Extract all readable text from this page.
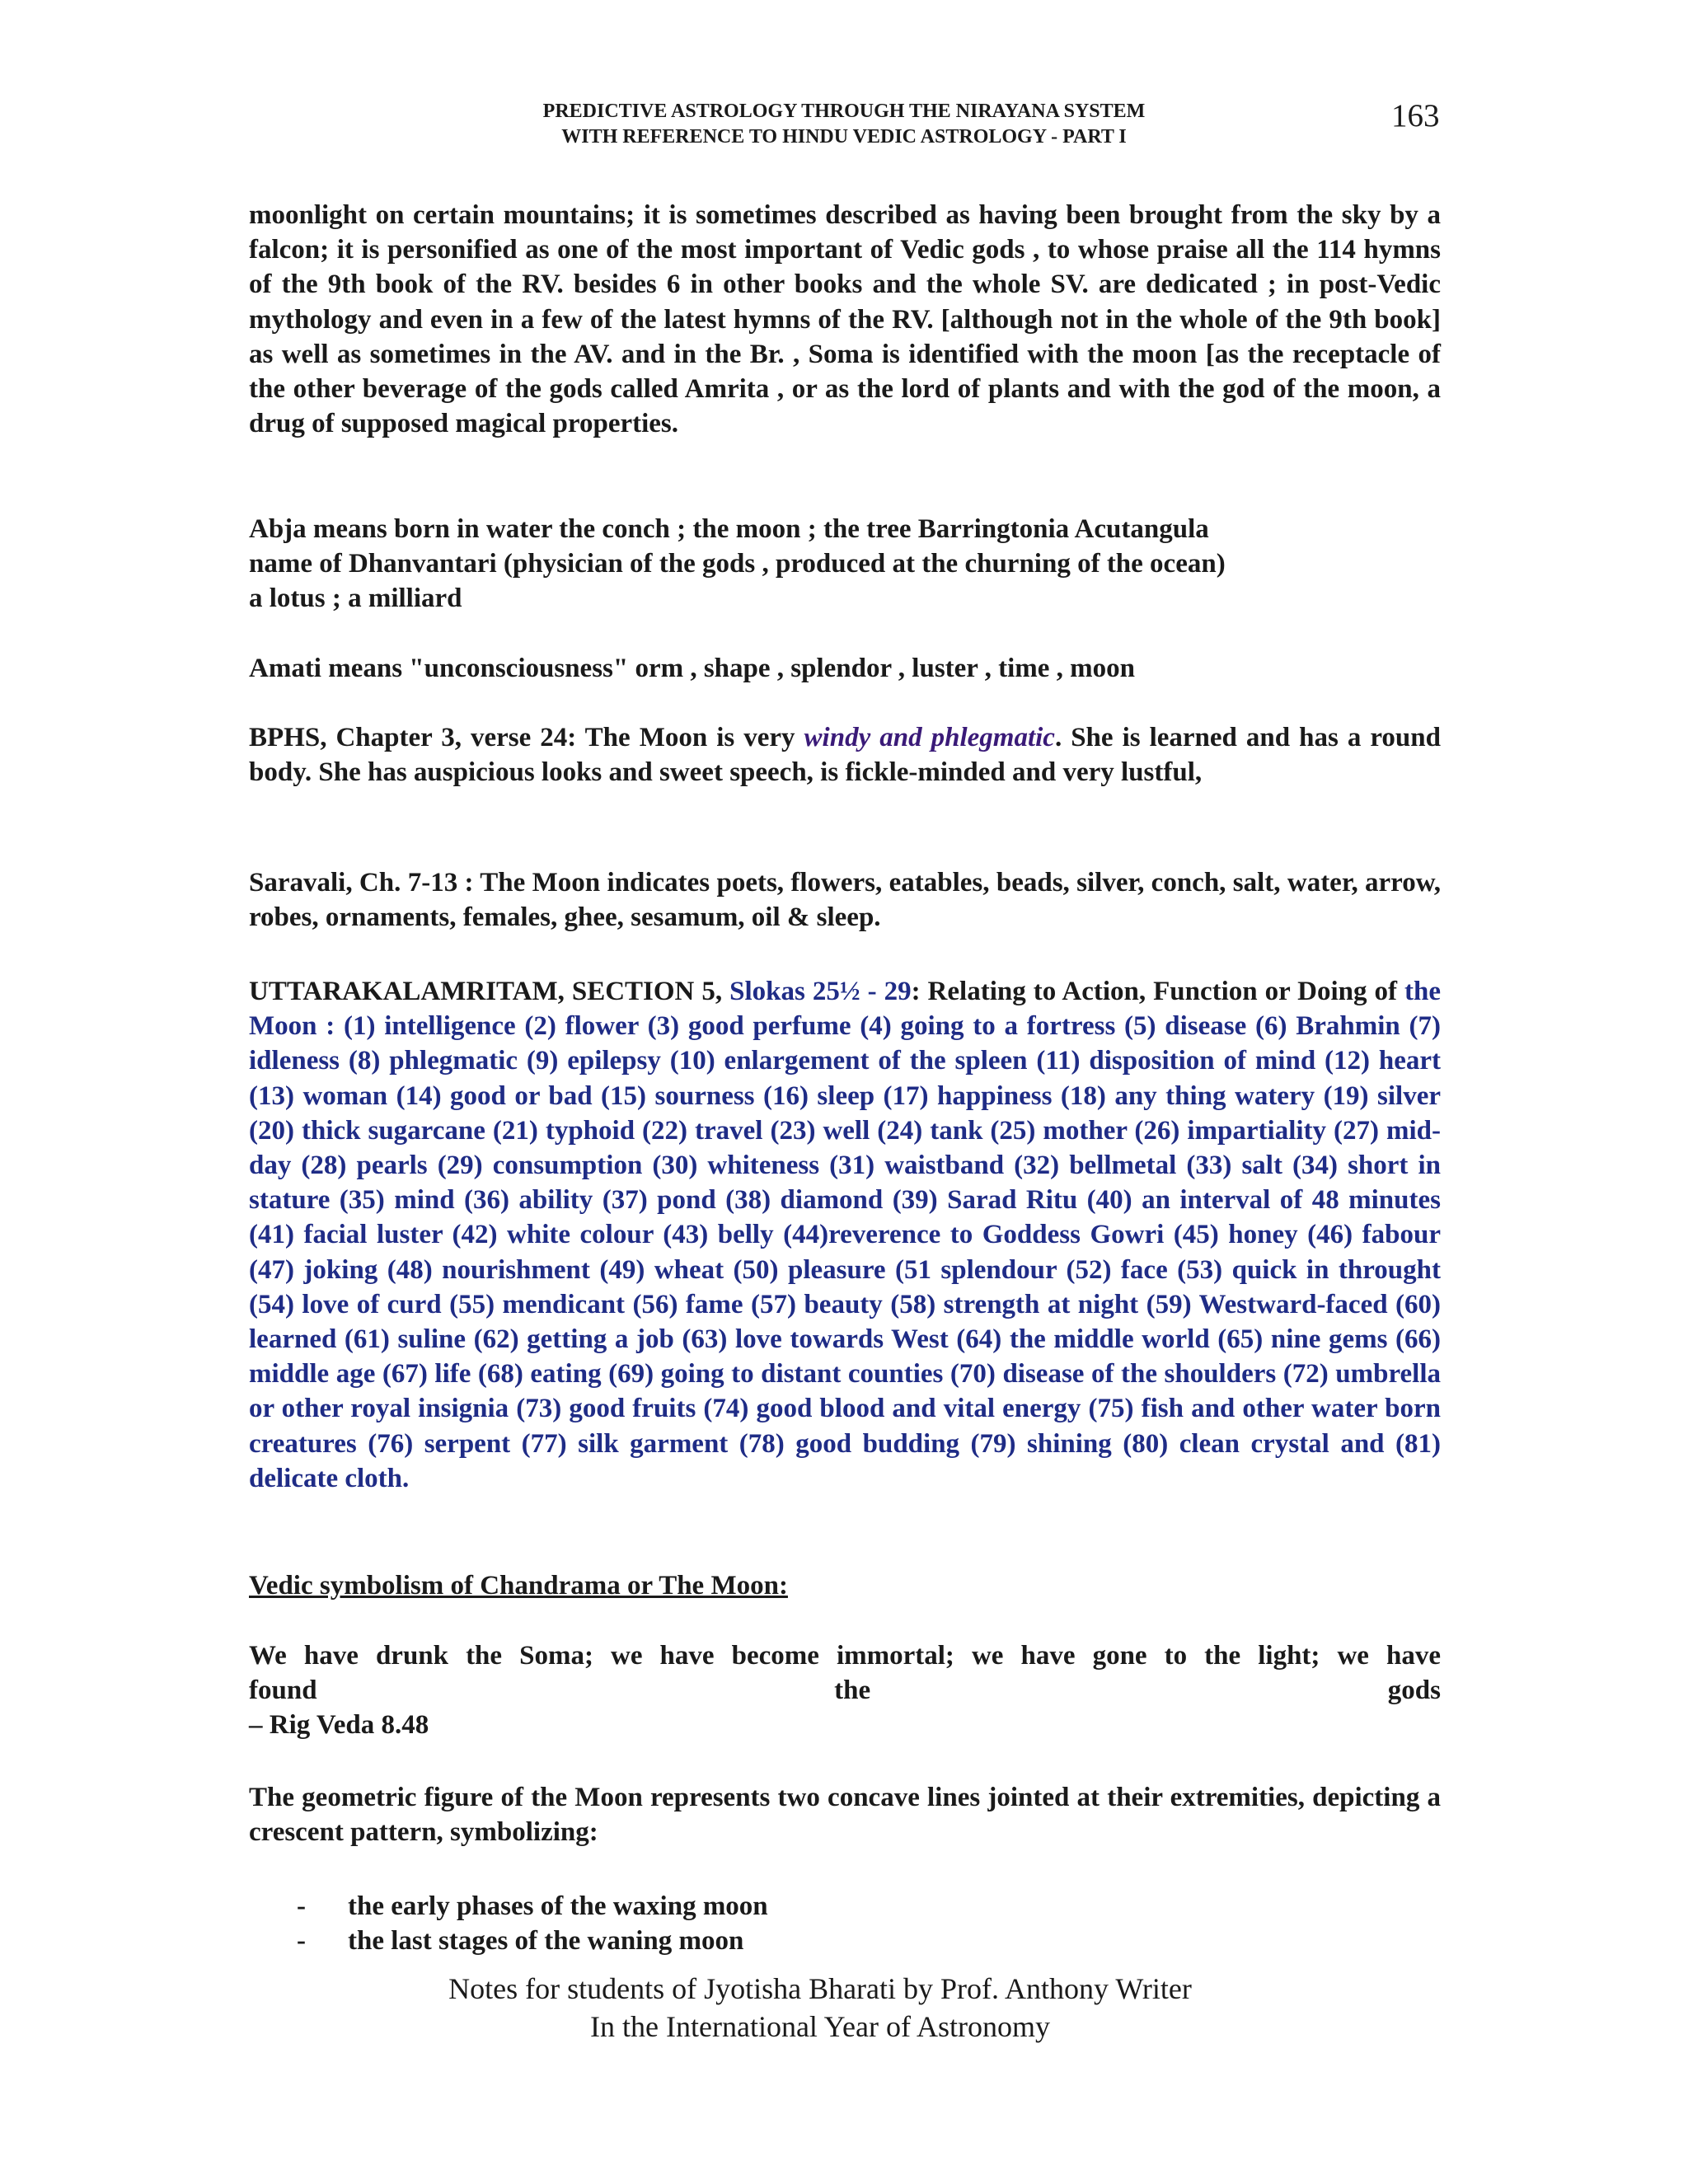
PREDICTIVE ASTROLOGY THROUGH THE NIRAYANA SYSTEM
WITH REFERENCE TO HINDU VEDIC ASTROLOGY - PART I
163

moonlight on certain mountains; it is sometimes described as having been brought from the sky by a falcon; it is personified as one of the most important of Vedic gods , to whose praise all the 114 hymns of the 9th book of the RV. besides 6 in other books and the whole SV. are dedicated ; in post-Vedic mythology and even in a few of the latest hymns of the RV. [although not in the whole of the 9th book] as well as sometimes in the AV. and in the Br. , Soma is identified with the moon [as the receptacle of the other beverage of the gods called Amrita , or as the lord of plants and with the god of the moon, a drug of supposed magical properties.

Abja means born in water the conch ; the moon ; the tree Barringtonia Acutangula
name of Dhanvantari (physician of the gods , produced at the churning of the ocean)
a lotus ; a milliard

Amati means "unconsciousness" orm , shape , splendor , luster , time , moon

BPHS, Chapter 3, verse 24: The Moon is very windy and phlegmatic. She is learned and has a round body. She has auspicious looks and sweet speech, is fickle-minded and very lustful,

Saravali, Ch. 7-13 : The Moon indicates poets, flowers, eatables, beads, silver, conch, salt, water, arrow, robes, ornaments, females, ghee, sesamum, oil & sleep.

UTTARAKALAMRITAM, SECTION 5, Slokas 25½ - 29: Relating to Action, Function or Doing of the Moon : (1) intelligence (2) flower (3) good perfume (4) going to a fortress (5) disease (6) Brahmin (7) idleness (8) phlegmatic (9) epilepsy (10) enlargement of the spleen (11) disposition of mind (12) heart (13) woman (14) good or bad (15) sourness (16) sleep (17) happiness (18) any thing watery (19) silver (20) thick sugarcane (21) typhoid (22) travel (23) well (24) tank (25) mother (26) impartiality (27) mid-day (28) pearls (29) consumption (30) whiteness (31) waistband (32) bellmetal (33) salt (34) short in stature (35) mind (36) ability (37) pond (38) diamond (39) Sarad Ritu (40) an interval of 48 minutes (41) facial luster (42) white colour (43) belly (44)reverence to Goddess Gowri (45) honey (46) fabour (47) joking (48) nourishment (49) wheat (50) pleasure (51 splendour (52) face (53) quick in throught (54) love of curd (55) mendicant (56) fame (57) beauty (58) strength at night (59) Westward-faced (60) learned (61) suline (62) getting a job (63) love towards West (64) the middle world (65) nine gems (66) middle age (67) life (68) eating (69) going to distant counties (70) disease of the shoulders (72) umbrella or other royal insignia (73) good fruits (74) good blood and vital energy (75) fish and other water born creatures (76) serpent (77) silk garment (78) good budding (79) shining (80) clean crystal and (81) delicate cloth.

Vedic symbolism of Chandrama or The Moon:
We have drunk the Soma; we have become immortal; we have gone to the light; we have
found	the	gods
– Rig Veda 8.48

The geometric figure of the Moon represents two concave lines jointed at their extremities, depicting a crescent pattern, symbolizing:

-	the early phases of the waxing moon
-	the last stages of the waning moon
Notes for students of Jyotisha Bharati by Prof. Anthony Writer
In the International Year of Astronomy
